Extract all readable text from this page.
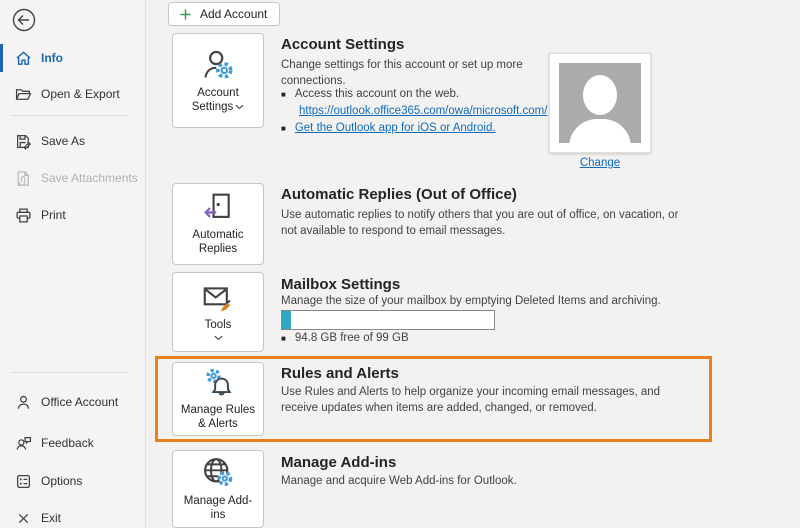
Info
Open & Export
Save As
Save Attachments
Print
Office Account
Feedback
Options
Exit
Add Account
Account Settings
Account Settings
Change settings for this account or set up more connections.
■ Access this account on the web.
https://outlook.office365.com/owa/microsoft.com/
■ Get the Outlook app for iOS or Android.
Change
Automatic Replies
Automatic Replies (Out of Office)
Use automatic replies to notify others that you are out of office, on vacation, or not available to respond to email messages.
Tools
Mailbox Settings
Manage the size of your mailbox by emptying Deleted Items and archiving.
■ 94.8 GB free of 99 GB
Manage Rules & Alerts
Rules and Alerts
Use Rules and Alerts to help organize your incoming email messages, and receive updates when items are added, changed, or removed.
Manage Add-ins
Manage Add-ins
Manage and acquire Web Add-ins for Outlook.
